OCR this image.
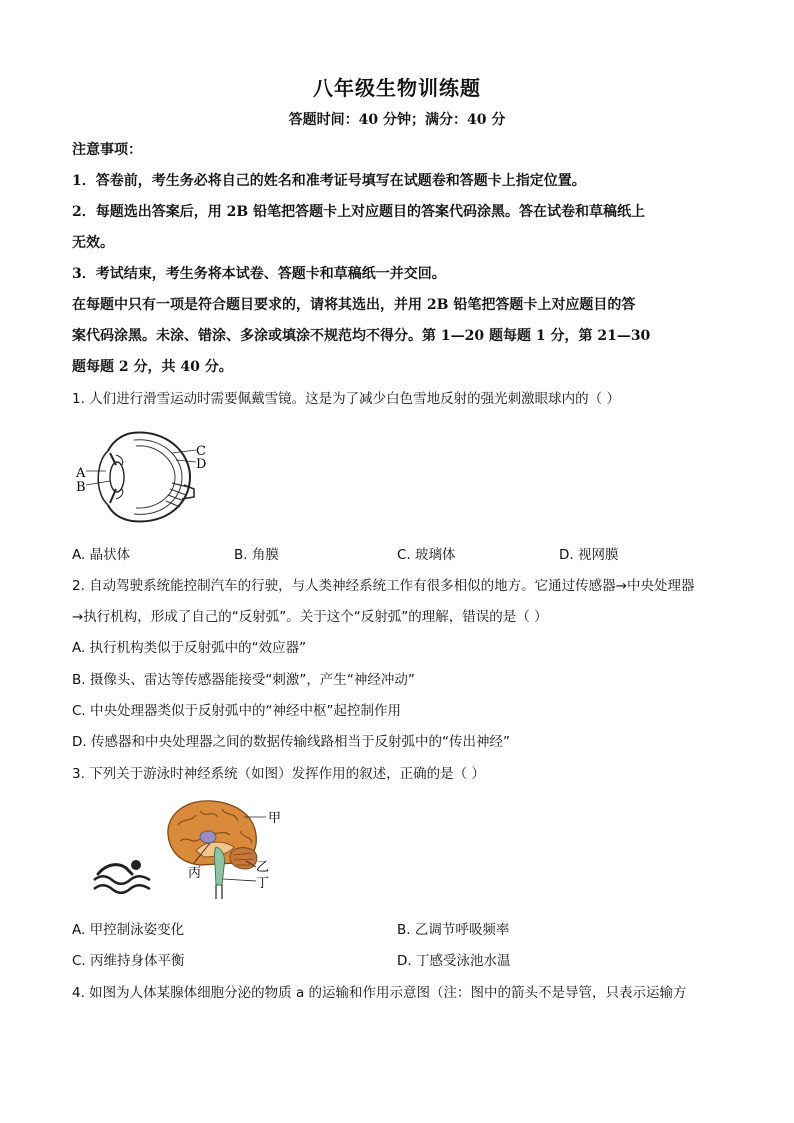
八年级生物训练题
答题时间：40 分钟；满分：40 分
注意事项：
1．答卷前，考生务必将自己的姓名和准考证号填写在试题卷和答题卡上指定位置。
2．每题选出答案后，用 2B 铅笔把答题卡上对应题目的答案代码涂黑。答在试卷和草稿纸上
无效。
3．考试结束，考生务将本试卷、答题卡和草稿纸一并交回。
在每题中只有一项是符合题目要求的，请将其选出，并用 2B 铅笔把答题卡上对应题目的答
案代码涂黑。未涂、错涂、多涂或填涂不规范均不得分。第 1—20 题每题 1 分，第 21—30
题每题 2 分，共 40 分。
1. 人们进行滑雪运动时需要佩戴雪镜。这是为了减少白色雪地反射的强光刺激眼球内的（ ）
A
B
C
D
A. 晶状体	B. 角膜	C. 玻璃体	D. 视网膜
2. 自动驾驶系统能控制汽车的行驶，与人类神经系统工作有很多相似的地方。它通过传感器→中央处理器
→执行机构，形成了自己的“反射弧”。关于这个“反射弧”的理解，错误的是（ ）
A. 执行机构类似于反射弧中的“效应器”
B. 摄像头、雷达等传感器能接受“刺激”，产生“神经冲动”
C. 中央处理器类似于反射弧中的“神经中枢”起控制作用
D. 传感器和中央处理器之间的数据传输线路相当于反射弧中的“传出神经”
3. 下列关于游泳时神经系统（如图）发挥作用的叙述，正确的是（ ）
甲
乙
丁
丙
A. 甲控制泳姿变化	B. 乙调节呼吸频率
C. 丙维持身体平衡	D. 丁感受泳池水温
4. 如图为人体某腺体细胞分泌的物质 a 的运输和作用示意图（注：图中的箭头不是导管，只表示运输方
